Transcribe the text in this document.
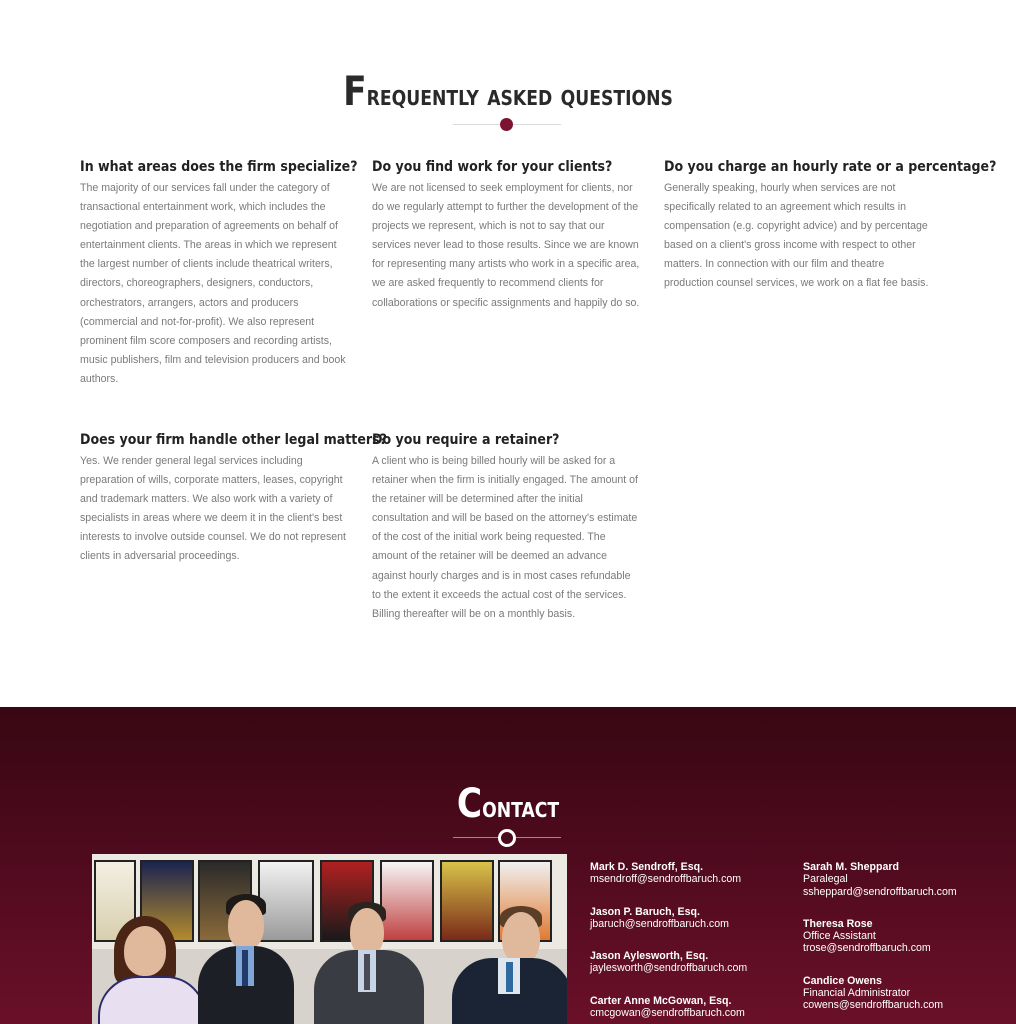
Frequently asked questions
In what areas does the firm specialize?

The majority of our services fall under the category of transactional entertainment work, which includes the negotiation and preparation of agreements on behalf of entertainment clients. The areas in which we represent the largest number of clients include theatrical writers, directors, choreographers, designers, conductors, orchestrators, arrangers, actors and producers (commercial and not-for-profit). We also represent prominent film score composers and recording artists, music publishers, film and television producers and book authors.

Do you find work for your clients?

We are not licensed to seek employment for clients, nor do we regularly attempt to further the development of the projects we represent, which is not to say that our services never lead to those results. Since we are known for representing many artists who work in a specific area, we are asked frequently to recommend clients for collaborations or specific assignments and happily do so.

Do you charge an hourly rate or a percentage?

Generally speaking, hourly when services are not specifically related to an agreement which results in compensation (e.g. copyright advice) and by percentage based on a client's gross income with respect to other matters. In connection with our film and theatre production counsel services, we work on a flat fee basis.

Does your firm handle other legal matters?

Yes. We render general legal services including preparation of wills, corporate matters, leases, copyright and trademark matters. We also work with a variety of specialists in areas where we deem it in the client's best interests to involve outside counsel. We do not represent clients in adversarial proceedings.

Do you require a retainer?

A client who is being billed hourly will be asked for a retainer when the firm is initially engaged. The amount of the retainer will be determined after the initial consultation and will be based on the attorney's estimate of the cost of the initial work being requested. The amount of the retainer will be deemed an advance against hourly charges and is in most cases refundable to the extent it exceeds the actual cost of the services. Billing thereafter will be on a monthly basis.

Contact
Mark D. Sendroff, Esq.
msendroff@sendroffbaruch.com
Jason P. Baruch, Esq.
jbaruch@sendroffbaruch.com
Jason Aylesworth, Esq.
jaylesworth@sendroffbaruch.com
Carter Anne McGowan, Esq.
cmcgowan@sendroffbaruch.com
Sarah M. Sheppard
Paralegal
ssheppard@sendroffbaruch.com
Theresa Rose
Office Assistant
trose@sendroffbaruch.com
Candice Owens
Financial Administrator
cowens@sendroffbaruch.com
